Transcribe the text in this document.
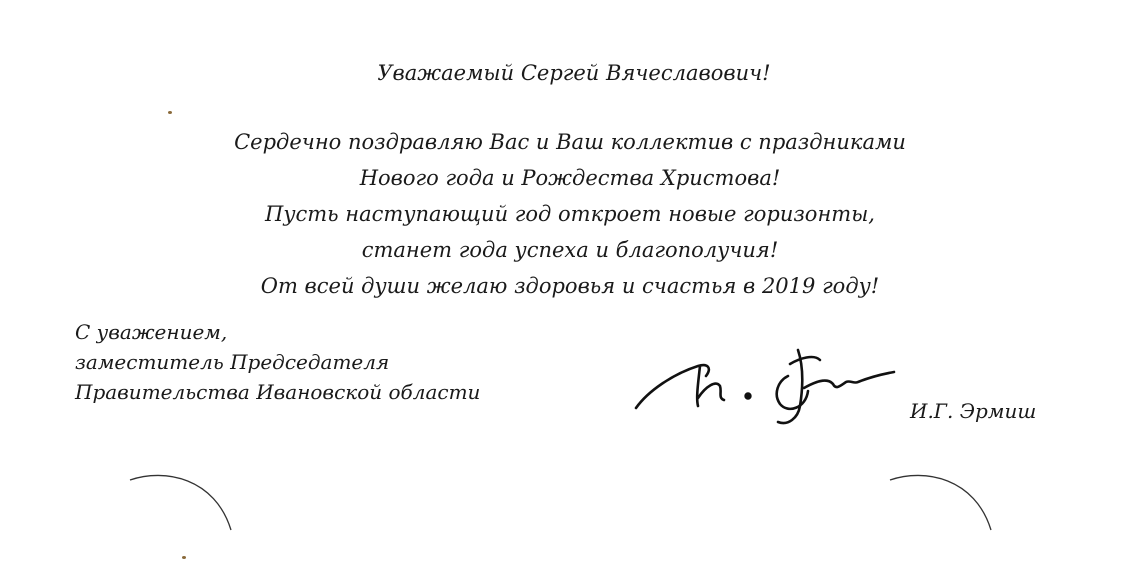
Уважаемый Сергей Вячеславович!
Сердечно поздравляю Вас и Ваш коллектив с праздниками
Нового года и Рождества Христова!
Пусть наступающий год откроет новые горизонты,
станет года успеха и благополучия!
От всей души желаю здоровья и счастья в 2019 году!
С уважением,
заместитель Председателя
Правительства Ивановской области
И.Г. Эрмиш
